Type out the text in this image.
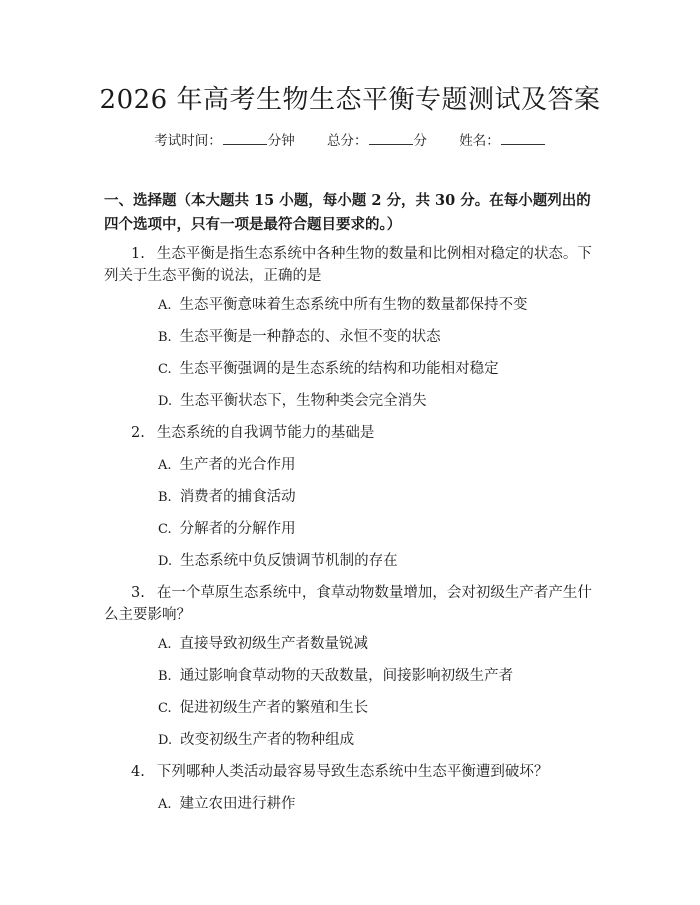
2026 年高考生物生态平衡专题测试及答案
考试时间：	分钟 总分：	分 姓名：

一、选择题（本大题共 15 小题，每小题 2 分，共 30 分。在每小题列出的四个选项中，只有一项是最符合题目要求的。）

1. 生态平衡是指生态系统中各种生物的数量和比例相对稳定的状态。下列关于生态平衡的说法，正确的是

A. 生态平衡意味着生态系统中所有生物的数量都保持不变

B. 生态平衡是一种静态的、永恒不变的状态

C. 生态平衡强调的是生态系统的结构和功能相对稳定

D. 生态平衡状态下，生物种类会完全消失

2. 生态系统的自我调节能力的基础是

A. 生产者的光合作用

B. 消费者的捕食活动

C. 分解者的分解作用

D. 生态系统中负反馈调节机制的存在

3. 在一个草原生态系统中，食草动物数量增加，会对初级生产者产生什么主要影响？

A. 直接导致初级生产者数量锐减

B. 通过影响食草动物的天敌数量，间接影响初级生产者

C. 促进初级生产者的繁殖和生长

D. 改变初级生产者的物种组成

4. 下列哪种人类活动最容易导致生态系统中生态平衡遭到破坏？

A. 建立农田进行耕作
